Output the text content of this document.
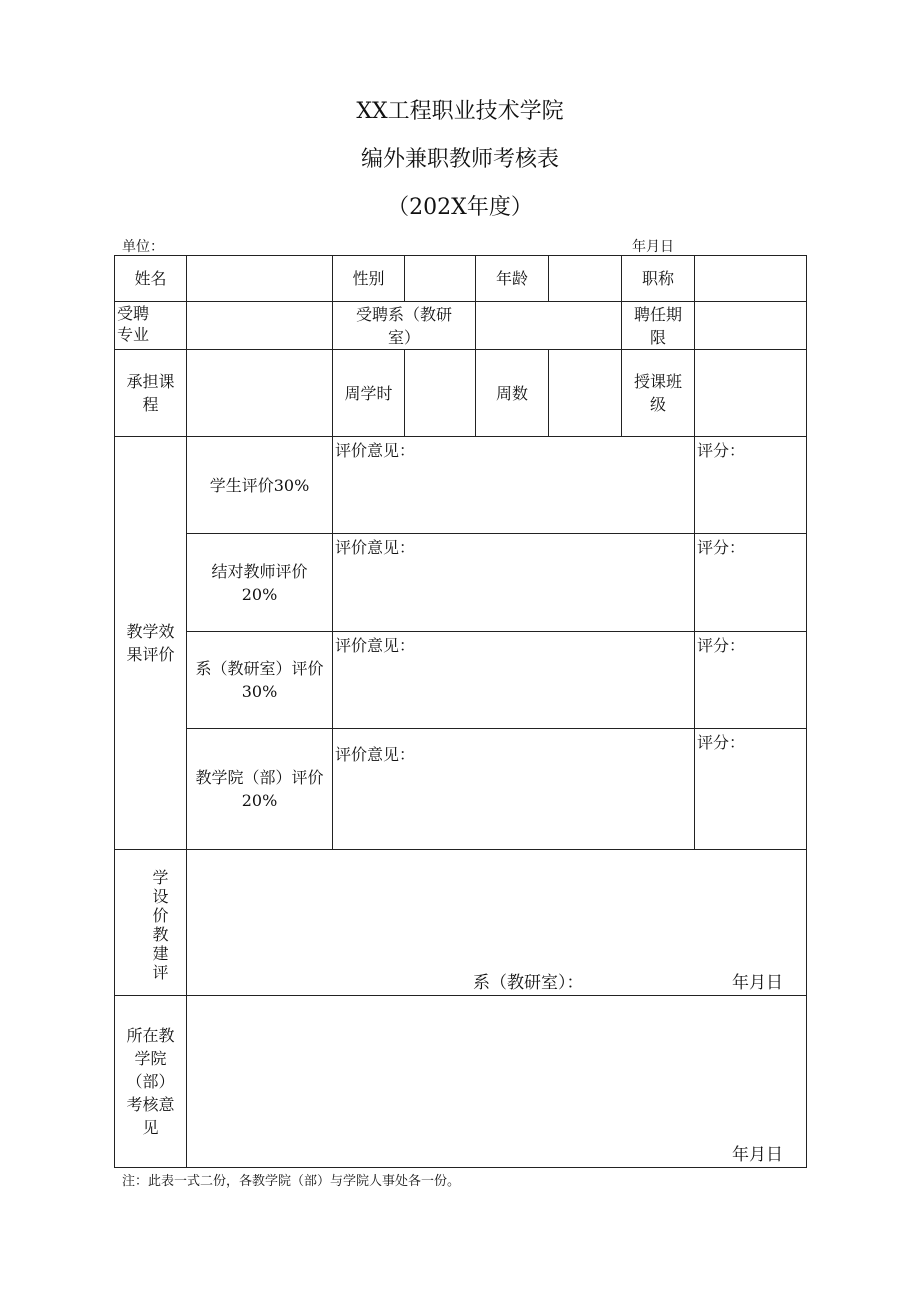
XX工程职业技术学院
编外兼职教师考核表
（202X年度）
单位：	年月日
姓名		性别		年龄		职称	

受聘专业		受聘系（教研室）				聘任期限	

承担课程		周学时		周数		授课班级	

教学效果评价	学生评价30%	评价意见：					评分：

	结对教师评价20%	评价意见：					评分：

	系（教研室）评价30%	评价意见：					评分：

	教学院（部）评价20%	评价意见：					评分：
学设价教建评	系（教研室）： 年月日						

所在教学院（部）考核意见	年月日						
注：此表一式二份，各教学院（部）与学院人事处各一份。
